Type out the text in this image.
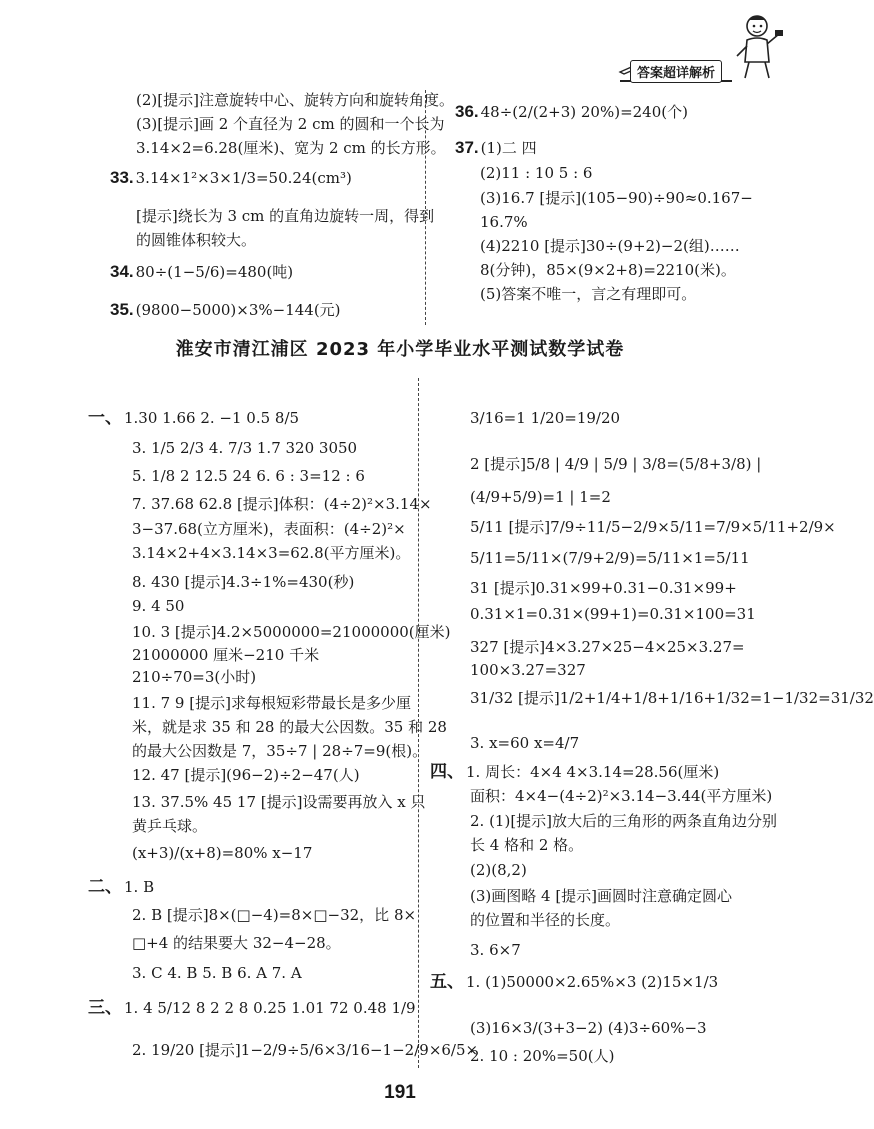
答案超详解析
淮安市清江浦区 2023 年小学毕业水平测试数学试卷
(2)[提示]注意旋转中心、旋转方向和旋转角度。
(3)[提示]画 2 个直径为 2 cm 的圆和一个长为
3.14×2=6.28(厘米)、宽为 2 cm 的长方形。
33. 3.14×1²×3×1/3=50.24(cm³)
[提示]绕长为 3 cm 的直角边旋转一周，得到
的圆锥体积较大。
34. 80÷(1−5/6)=480(吨)
35. (9800−5000)×3%−144(元)
36. 48÷(2/(2+3) 20%)=240(个)
37. (1)二 四
(2)11 : 10 5 : 6
(3)16.7 [提示](105−90)÷90≈0.167−
16.7%
(4)2210 [提示]30÷(9+2)−2(组)……
8(分钟)，85×(9×2+8)=2210(米)。
(5)答案不唯一，言之有理即可。
一、 1.30 1.66 2. −1 0.5 8/5
3. 1/5 2/3 4. 7/3 1.7 320 3050
5. 1/8 2 12.5 24 6. 6 : 3=12 : 6
7. 37.68 62.8 [提示]体积：(4÷2)²×3.14×
3−37.68(立方厘米)，表面积：(4÷2)²×
3.14×2+4×3.14×3=62.8(平方厘米)。
8. 430 [提示]4.3÷1%=430(秒)
9. 4 50
10. 3 [提示]4.2×5000000=21000000(厘米)
21000000 厘米−210 千米
210÷70=3(小时)
11. 7 9 [提示]求每根短彩带最长是多少厘
米，就是求 35 和 28 的最大公因数。35 和 28
的最大公因数是 7，35÷7 | 28÷7=9(根)。
12. 47 [提示](96−2)÷2−47(人)
13. 37.5% 45 17 [提示]设需要再放入 x 只
黄乒乓球。
(x+3)/(x+8)=80% x−17
二、 1. B
2. B [提示]8×(□−4)=8×□−32，比 8×
□+4 的结果要大 32−4−28。
3. C 4. B 5. B 6. A 7. A
三、 1. 4 5/12 8 2 2 8 0.25 1.01 72 0.48 1/9
2. 19/20 [提示]1−2/9÷5/6×3/16−1−2/9×6/5×
3/16=1 1/20=19/20
2 [提示]5/8 | 4/9 | 5/9 | 3/8=(5/8+3/8) |
(4/9+5/9)=1 | 1=2
5/11 [提示]7/9÷11/5−2/9×5/11=7/9×5/11+2/9×
5/11=5/11×(7/9+2/9)=5/11×1=5/11
31 [提示]0.31×99+0.31−0.31×99+
0.31×1=0.31×(99+1)=0.31×100=31
327 [提示]4×3.27×25−4×25×3.27=
100×3.27=327
31/32 [提示]1/2+1/4+1/8+1/16+1/32=1−1/32=31/32
3. x=60 x=4/7
四、 1. 周长：4×4 4×3.14=28.56(厘米)
面积：4×4−(4÷2)²×3.14−3.44(平方厘米)
2. (1)[提示]放大后的三角形的两条直角边分别
长 4 格和 2 格。
(2)(8,2)
(3)画图略 4 [提示]画圆时注意确定圆心
的位置和半径的长度。
3. 6×7
五、 1. (1)50000×2.65%×3 (2)15×1/3
(3)16×3/(3+3−2) (4)3÷60%−3
2. 10 : 20%=50(人)
191
